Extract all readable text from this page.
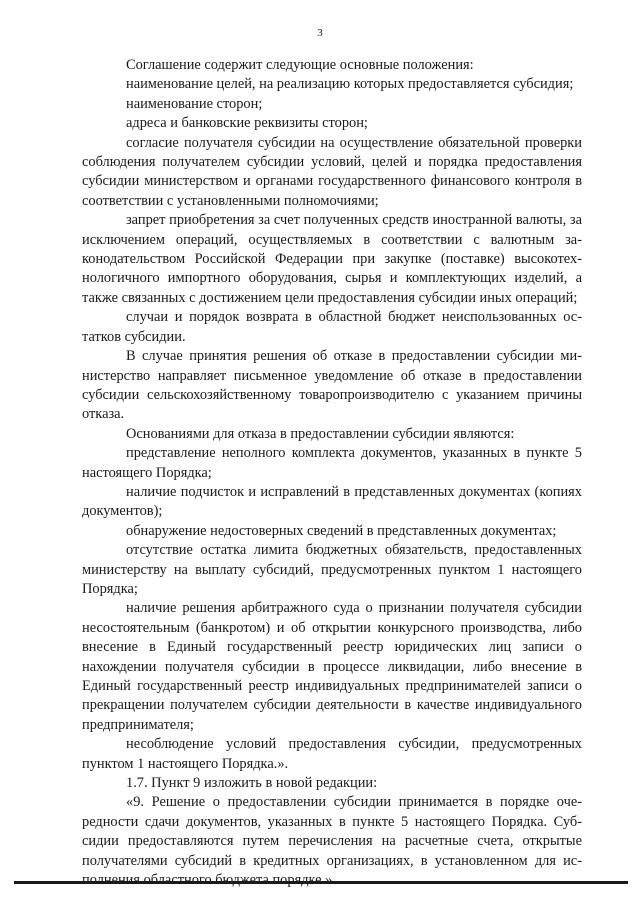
3

Соглашение содержит следующие основные положения:

наименование целей, на реализацию которых предоставляется субсидия;

наименование сторон;

адреса и банковские реквизиты сторон;

согласие получателя субсидии на осуществление обязательной проверки соблюдения получателем субсидии условий, целей и порядка предоставления субсидии министерством и органами государственного финансового контроля в соответствии с установленными полномочиями;

запрет приобретения за счет полученных средств иностранной валюты, за исключением операций, осуществляемых в соответствии с валютным законодательством Российской Федерации при закупке (поставке) высокотехнологичного импортного оборудования, сырья и комплектующих изделий, а также связанных с достижением цели предоставления субсидии иных операций;

случаи и порядок возврата в областной бюджет неиспользованных остатков субсидии.

В случае принятия решения об отказе в предоставлении субсидии министерство направляет письменное уведомление об отказе в предоставлении субсидии сельскохозяйственному товаропроизводителю с указанием причины отказа.

Основаниями для отказа в предоставлении субсидии являются:

представление неполного комплекта документов, указанных в пункте 5 настоящего Порядка;

наличие подчисток и исправлений в представленных документах (копиях документов);

обнаружение недостоверных сведений в представленных документах;

отсутствие остатка лимита бюджетных обязательств, предоставленных министерству на выплату субсидий, предусмотренных пунктом 1 настоящего Порядка;

наличие решения арбитражного суда о признании получателя субсидии несостоятельным (банкротом) и об открытии конкурсного производства, либо внесение в Единый государственный реестр юридических лиц записи о нахождении получателя субсидии в процессе ликвидации, либо внесение в Единый государственный реестр индивидуальных предпринимателей записи о прекращении получателем субсидии деятельности в качестве индивидуального предпринимателя;

несоблюдение условий предоставления субсидии, предусмотренных пунктом 1 настоящего Порядка.».

1.7. Пункт 9 изложить в новой редакции:

«9. Решение о предоставлении субсидии принимается в порядке очередности сдачи документов, указанных в пункте 5 настоящего Порядка. Субсидии предоставляются путем перечисления на расчетные счета, открытые получателями субсидий в кредитных организациях, в установленном для ис
